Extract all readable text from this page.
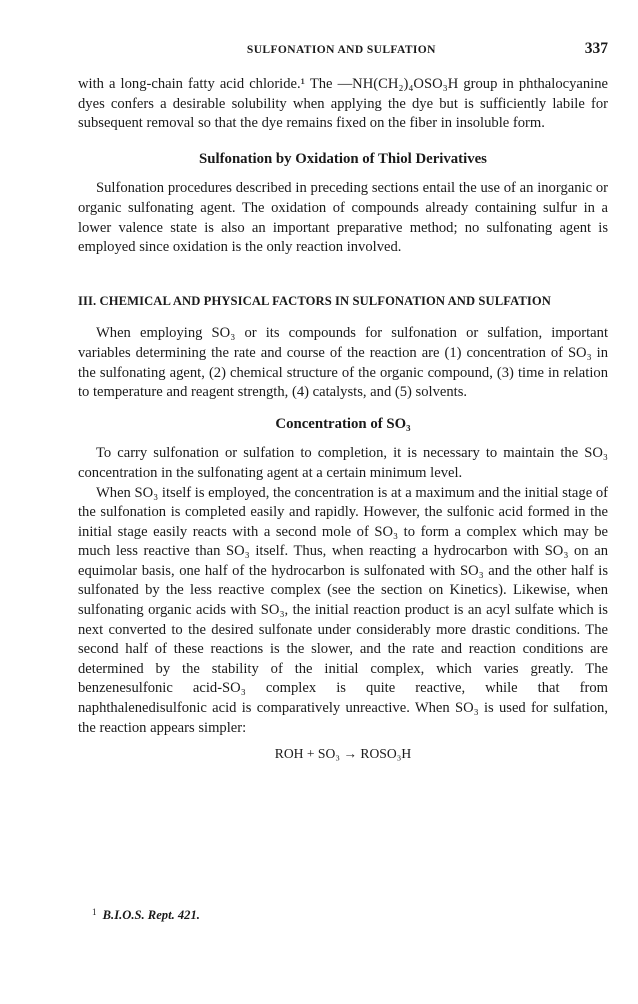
SULFONATION AND SULFATION	337

with a long-chain fatty acid chloride.¹ The —NH(CH₂)₄OSO₃H group in phthalocyanine dyes confers a desirable solubility when applying the dye but is sufficiently labile for subsequent removal so that the dye remains fixed on the fiber in insoluble form.

Sulfonation by Oxidation of Thiol Derivatives

Sulfonation procedures described in preceding sections entail the use of an inorganic or organic sulfonating agent. The oxidation of compounds already containing sulfur in a lower valence state is also an important preparative method; no sulfonating agent is employed since oxidation is the only reaction involved.

III. CHEMICAL AND PHYSICAL FACTORS IN SULFONATION AND SULFATION

When employing SO₃ or its compounds for sulfonation or sulfation, important variables determining the rate and course of the reaction are (1) concentration of SO₃ in the sulfonating agent, (2) chemical structure of the organic compound, (3) time in relation to temperature and reagent strength, (4) catalysts, and (5) solvents.

Concentration of SO₃

To carry sulfonation or sulfation to completion, it is necessary to maintain the SO₃ concentration in the sulfonating agent at a certain minimum level.

When SO₃ itself is employed, the concentration is at a maximum and the initial stage of the sulfonation is completed easily and rapidly. However, the sulfonic acid formed in the initial stage easily reacts with a second mole of SO₃ to form a complex which may be much less reactive than SO₃ itself. Thus, when reacting a hydrocarbon with SO₃ on an equimolar basis, one half of the hydrocarbon is sulfonated with SO₃ and the other half is sulfonated by the less reactive complex (see the section on Kinetics). Likewise, when sulfonating organic acids with SO₃, the initial reaction product is an acyl sulfate which is next converted to the desired sulfonate under considerably more drastic conditions. The second half of these reactions is the slower, and the rate and reaction conditions are determined by the stability of the initial complex, which varies greatly. The benzenesulfonic acid-SO₃ complex is quite reactive, while that from naphthalenedisulfonic acid is comparatively unreactive. When SO₃ is used for sulfation, the reaction appears simpler:

ROH + SO₃ → ROSO₃H
$^1$ B.I.O.S. Rept. 421.
